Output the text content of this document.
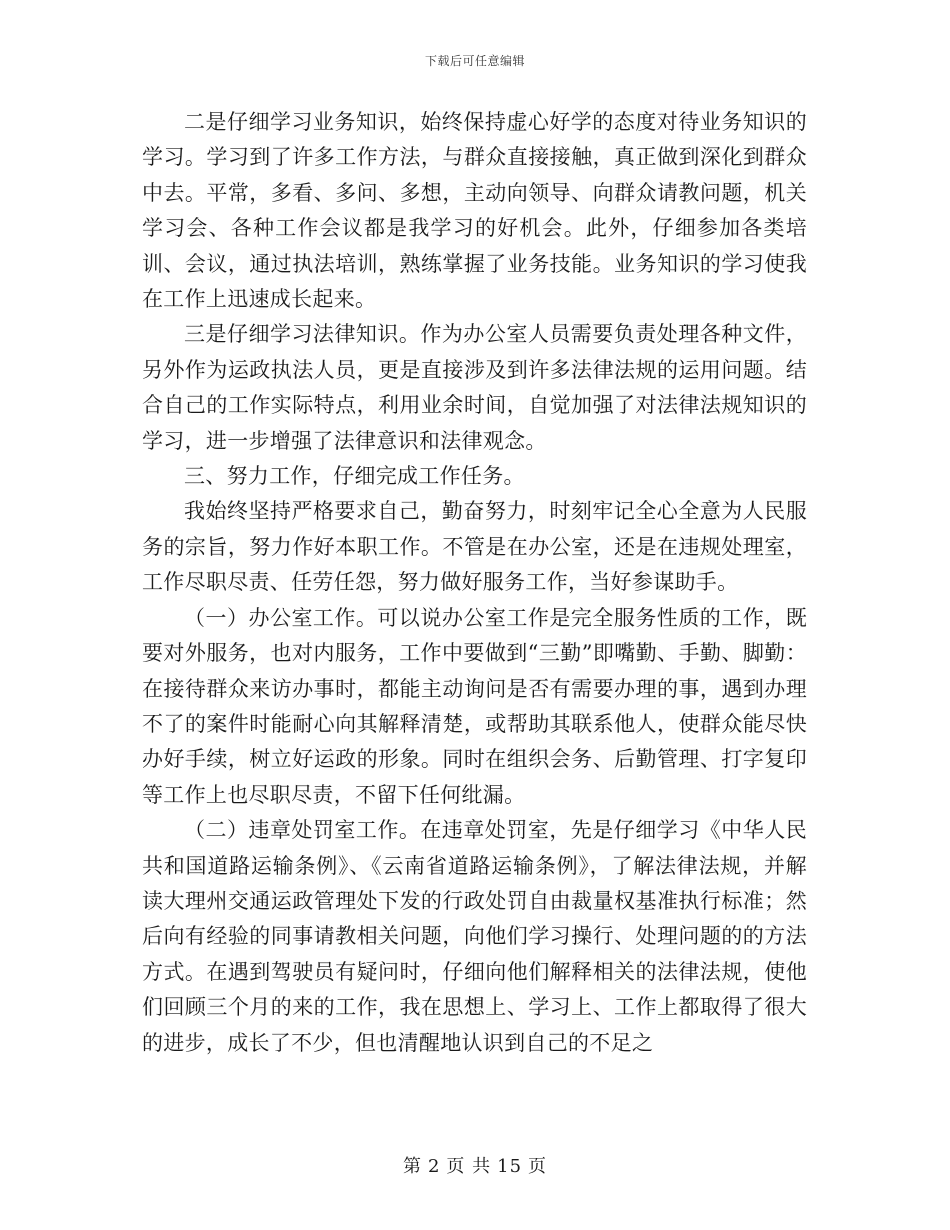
下载后可任意编辑

二是仔细学习业务知识，始终保持虚心好学的态度对待业务知识的学习。学习到了许多工作方法，与群众直接接触，真正做到深化到群众中去。平常，多看、多问、多想，主动向领导、向群众请教问题，机关学习会、各种工作会议都是我学习的好机会。此外，仔细参加各类培训、会议，通过执法培训，熟练掌握了业务技能。业务知识的学习使我在工作上迅速成长起来。

三是仔细学习法律知识。作为办公室人员需要负责处理各种文件，另外作为运政执法人员，更是直接涉及到许多法律法规的运用问题。结合自己的工作实际特点，利用业余时间，自觉加强了对法律法规知识的学习，进一步增强了法律意识和法律观念。

三、努力工作，仔细完成工作任务。

我始终坚持严格要求自己，勤奋努力，时刻牢记全心全意为人民服务的宗旨，努力作好本职工作。不管是在办公室，还是在违规处理室，工作尽职尽责、任劳任怨，努力做好服务工作，当好参谋助手。

（一）办公室工作。可以说办公室工作是完全服务性质的工作，既要对外服务，也对内服务，工作中要做到“三勤”即嘴勤、手勤、脚勤：在接待群众来访办事时，都能主动询问是否有需要办理的事，遇到办理不了的案件时能耐心向其解释清楚，或帮助其联系他人，使群众能尽快办好手续，树立好运政的形象。同时在组织会务、后勤管理、打字复印等工作上也尽职尽责，不留下任何纰漏。

（二）违章处罚室工作。在违章处罚室，先是仔细学习《中华人民共和国道路运输条例》、《云南省道路运输条例》，了解法律法规，并解读大理州交通运政管理处下发的行政处罚自由裁量权基准执行标准；然后向有经验的同事请教相关问题，向他们学习操行、处理问题的的方法方式。在遇到驾驶员有疑问时，仔细向他们解释相关的法律法规，使他们回顾三个月的来的工作，我在思想上、学习上、工作上都取得了很大的进步，成长了不少，但也清醒地认识到自己的不足之

第 2 页 共 15 页
